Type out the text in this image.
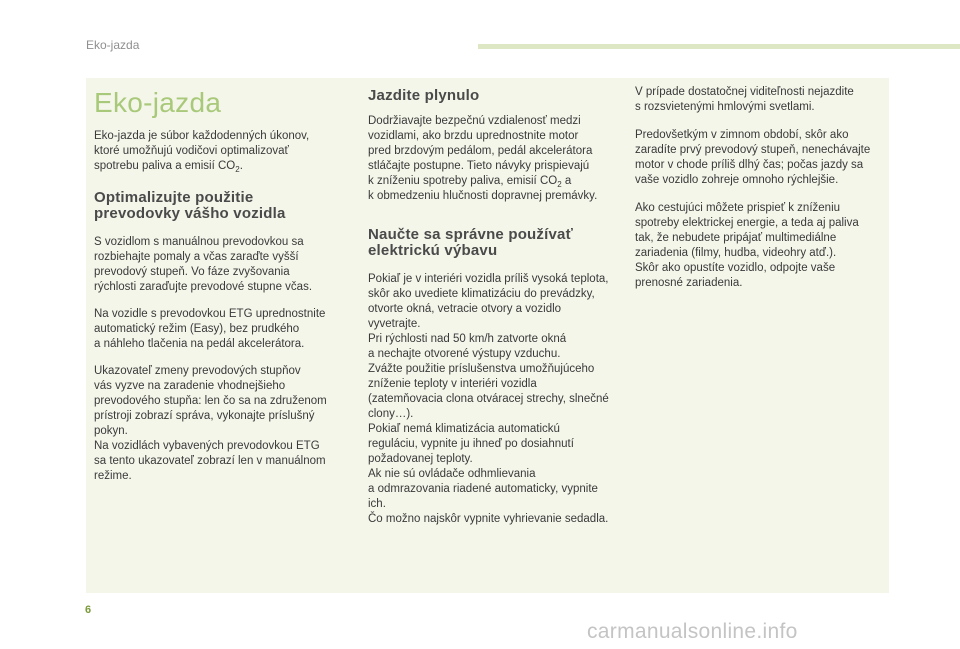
Eko-jazda
Eko-jazda

Eko-jazda je súbor každodenných úkonov,
ktoré umožňujú vodičovi optimalizovať
spotrebu paliva a emisií $CO_2$.

Optimalizujte použitie
prevodovky vášho vozidla

S vozidlom s manuálnou prevodovkou sa
rozbiehajte pomaly a včas zaraďte vyšší
prevodový stupeň. Vo fáze zvyšovania
rýchlosti zaraďujte prevodové stupne včas.

Na vozidle s prevodovkou ETG uprednostnite
automatický režim (Easy), bez prudkého
a náhleho tlačenia na pedál akcelerátora.

Ukazovateľ zmeny prevodových stupňov
vás vyzve na zaradenie vhodnejšieho
prevodového stupňa: len čo sa na združenom
prístroji zobrazí správa, vykonajte príslušný
pokyn.
Na vozidlách vybavených prevodovkou ETG
sa tento ukazovateľ zobrazí len v manuálnom
režime.

Jazdite plynulo

Dodržiavajte bezpečnú vzdialenosť medzi
vozidlami, ako brzdu uprednostnite motor
pred brzdovým pedálom, pedál akcelerátora
stláčajte postupne. Tieto návyky prispievajú
k zníženiu spotreby paliva, emisií $CO_2$ a
k obmedzeniu hlučnosti dopravnej premávky.

Naučte sa správne používať
elektrickú výbavu

Pokiaľ je v interiéri vozidla príliš vysoká teplota,
skôr ako uvediete klimatizáciu do prevádzky,
otvorte okná, vetracie otvory a vozidlo
vyvetrajte.
Pri rýchlosti nad 50 km/h zatvorte okná
a nechajte otvorené výstupy vzduchu.
Zvážte použitie príslušenstva umožňujúceho
zníženie teploty v interiéri vozidla
(zatemňovacia clona otváracej strechy, slnečné
clony…).
Pokiaľ nemá klimatizácia automatickú
reguláciu, vypnite ju ihneď po dosiahnutí
požadovanej teploty.
Ak nie sú ovládače odhmlievania
a odmrazovania riadené automaticky, vypnite
ich.
Čo možno najskôr vypnite vyhrievanie sedadla.

V prípade dostatočnej viditeľnosti nejazdite
s rozsvietenými hmlovými svetlami.

Predovšetkým v zimnom období, skôr ako
zaradíte prvý prevodový stupeň, nenechávajte
motor v chode príliš dlhý čas; počas jazdy sa
vaše vozidlo zohreje omnoho rýchlejšie.

Ako cestujúci môžete prispieť k zníženiu
spotreby elektrickej energie, a teda aj paliva
tak, že nebudete pripájať multimediálne
zariadenia (filmy, hudba, videohry atď.).
Skôr ako opustíte vozidlo, odpojte vaše
prenosné zariadenia.

6
carmanualsonline.info
